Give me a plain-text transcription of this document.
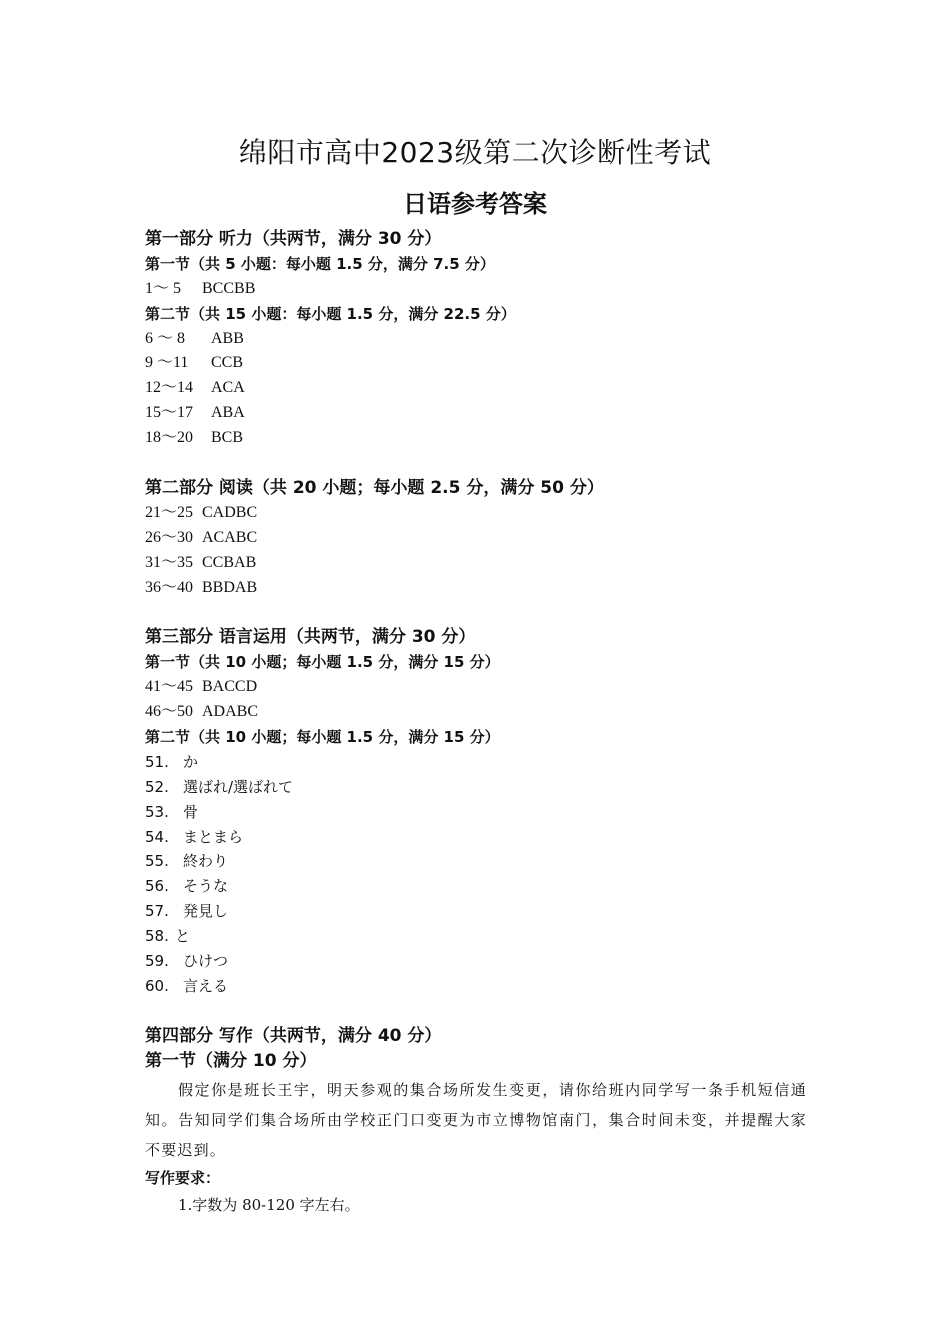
绵阳市高中2023级第二次诊断性考试
日语参考答案
第一部分 听力（共两节，满分 30 分）
第一节（共 5 小题：每小题 1.5 分，满分 7.5 分）
1～ 5 BCCBB
第二节（共 15 小题：每小题 1.5 分，满分 22.5 分）
6 ～ 8 ABB
9 ～11 CCB
12～14 ACA
15～17 ABA
18～20 BCB
第二部分 阅读（共 20 小题；每小题 2.5 分，满分 50 分）
21～25 CADBC
26～30 ACABC
31～35 CCBAB
36～40 BBDAB
第三部分 语言运用（共两节，满分 30 分）
第一节（共 10 小题；每小题 1.5 分，满分 15 分）
41～45 BACCD
46～50 ADABC
第二节（共 10 小题；每小题 1.5 分，满分 15 分）
51. か
52. 選ばれ/選ばれて
53. 骨
54. まとまら
55. 終わり
56. そうな
57. 発見し
58. と
59. ひけつ
60. 言える
第四部分 写作（共两节，满分 40 分）
第一节（满分 10 分）
假定你是班长王宇，明天参观的集合场所发生变更，请你给班内同学写一条手机短信通知。告知同学们集合场所由学校正门口变更为市立博物馆南门，集合时间未变，并提醒大家不要迟到。
写作要求：
1.字数为 80-120 字左右。
